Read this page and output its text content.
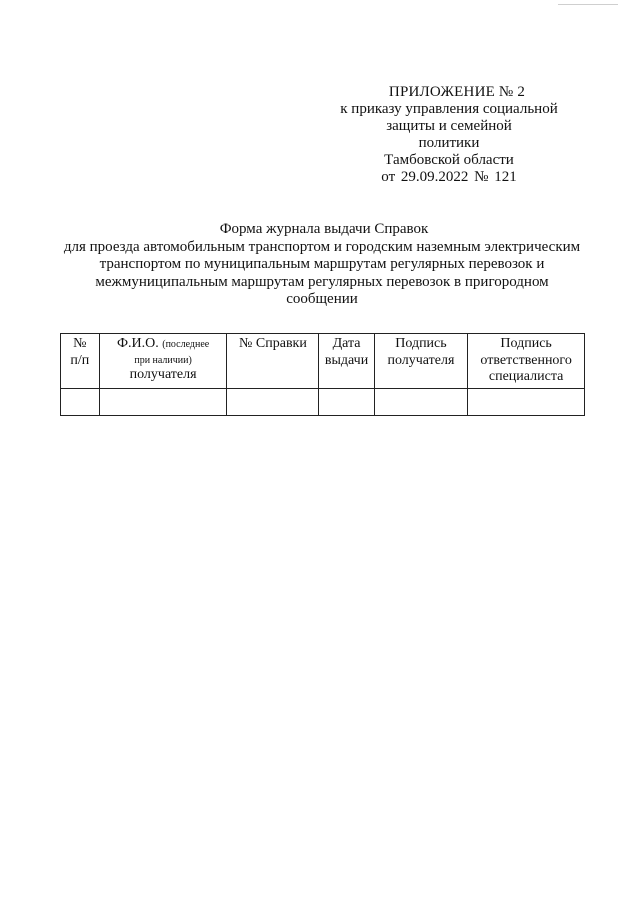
ПРИЛОЖЕНИЕ № 2
к приказу управления социальной
защиты и семейной
политики
Тамбовской области
от 29.09.2022 № 121
Форма журнала выдачи Справок
для проезда автомобильным транспортом и городским наземным электрическим
транспортом по муниципальным маршрутам регулярных перевозок и
межмуниципальным маршрутам регулярных перевозок в пригородном
сообщении
№
п/п	Ф.И.О. (последнее
при наличии)
получателя	№ Справки	Дата
выдачи	Подпись
получателя	Подпись
ответственного
специалиста
